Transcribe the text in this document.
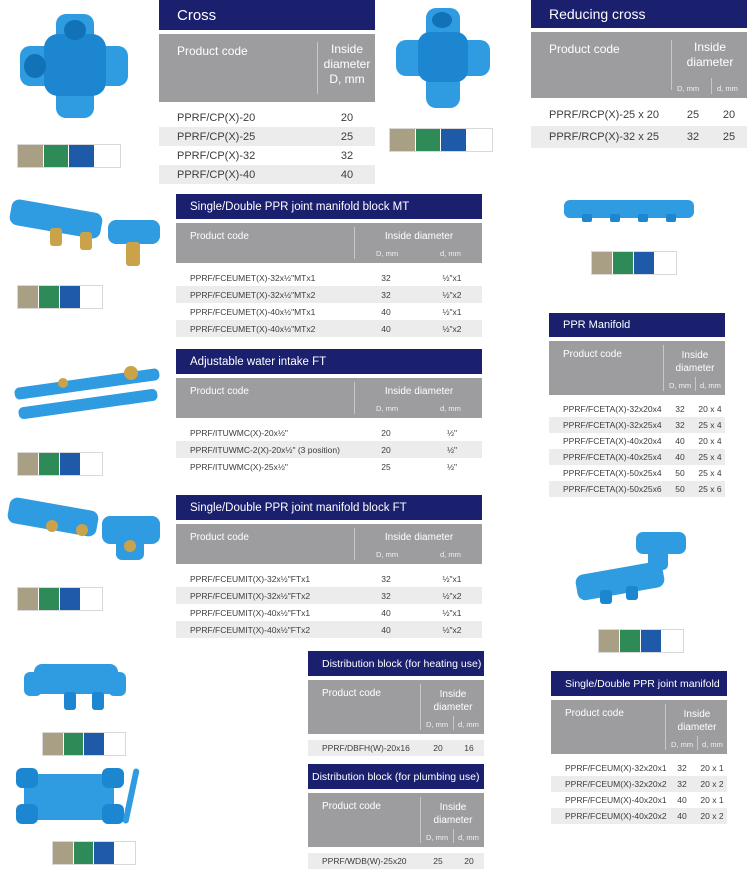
Cross
Product code	Inside
diameter
D, mm
PPRF/CP(X)-20	20
PPRF/CP(X)-25	25
PPRF/CP(X)-32	32
PPRF/CP(X)-40	40
Reducing cross
Product code	Inside
diameter
D, mm d, mm
PPRF/RCP(X)-25 x 20	25	20
PPRF/RCP(X)-32 x 25	32	25
Single/Double PPR joint manifold block MT
Product code	Inside diameter
D, mm	d, mm
PPRF/FCEUMET(X)-32x½"MTx1	32	½"x1
PPRF/FCEUMET(X)-32x½"MTx2	32	½"x2
PPRF/FCEUMET(X)-40x½"MTx1	40	½"x1
PPRF/FCEUMET(X)-40x½"MTx2	40	½"x2
Adjustable water intake FT
Product code	Inside diameter
D, mm	d, mm
PPRF/ITUWMC(X)-20x½"	20	½"
PPRF/ITUWMC-2(X)-20x½" (3 position)	20	½"
PPRF/ITUWMC(X)-25x½"	25	½"
Single/Double PPR joint manifold block FT
Product code	Inside diameter
D, mm	d, mm
PPRF/FCEUMIT(X)-32x½"FTx1	32	½"x1
PPRF/FCEUMIT(X)-32x½"FTx2	32	½"x2
PPRF/FCEUMIT(X)-40x½"FTx1	40	½"x1
PPRF/FCEUMIT(X)-40x½"FTx2	40	½"x2
PPR Manifold
Product code	Inside
diameter
D, mm d, mm
PPRF/FCETA(X)-32x20x4	32	20 x 4
PPRF/FCETA(X)-32x25x4	32	25 x 4
PPRF/FCETA(X)-40x20x4	40	20 x 4
PPRF/FCETA(X)-40x25x4	40	25 x 4
PPRF/FCETA(X)-50x25x4	50	25 x 4
PPRF/FCETA(X)-50x25x6	50	25 x 6
Distribution block (for heating use)
Product code	Inside
diameter
D, mm d, mm
PPRF/DBFH(W)-20x16	20	16
Distribution block (for plumbing use)
Product code	Inside
diameter
D, mm d, mm
PPRF/WDB(W)-25x20	25	20
Single/Double PPR joint manifold
Product code	Inside
diameter
D, mm d, mm
PPRF/FCEUM(X)-32x20x1	32	20 x 1
PPRF/FCEUM(X)-32x20x2	32	20 x 2
PPRF/FCEUM(X)-40x20x1	40	20 x 1
PPRF/FCEUM(X)-40x20x2	40	20 x 2
